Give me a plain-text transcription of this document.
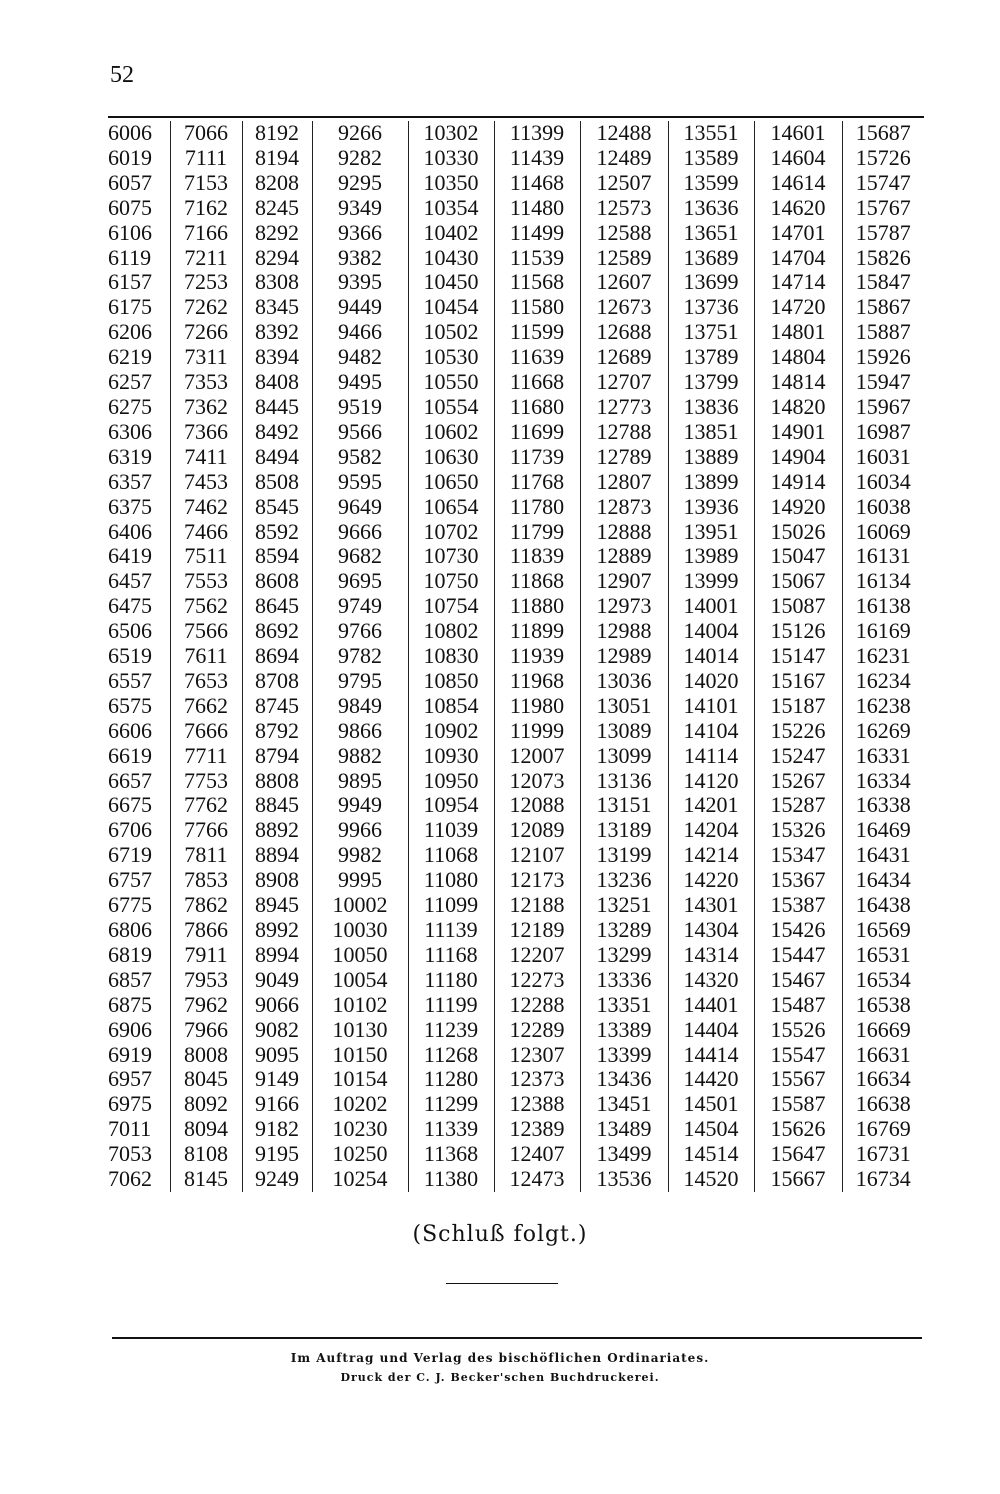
52
6006	7066	8192	9266	10302	11399	12488	13551	14601	15687
6019	7111	8194	9282	10330	11439	12489	13589	14604	15726
6057	7153	8208	9295	10350	11468	12507	13599	14614	15747
6075	7162	8245	9349	10354	11480	12573	13636	14620	15767
6106	7166	8292	9366	10402	11499	12588	13651	14701	15787
6119	7211	8294	9382	10430	11539	12589	13689	14704	15826
6157	7253	8308	9395	10450	11568	12607	13699	14714	15847
6175	7262	8345	9449	10454	11580	12673	13736	14720	15867
6206	7266	8392	9466	10502	11599	12688	13751	14801	15887
6219	7311	8394	9482	10530	11639	12689	13789	14804	15926
6257	7353	8408	9495	10550	11668	12707	13799	14814	15947
6275	7362	8445	9519	10554	11680	12773	13836	14820	15967
6306	7366	8492	9566	10602	11699	12788	13851	14901	16987
6319	7411	8494	9582	10630	11739	12789	13889	14904	16031
6357	7453	8508	9595	10650	11768	12807	13899	14914	16034
6375	7462	8545	9649	10654	11780	12873	13936	14920	16038
6406	7466	8592	9666	10702	11799	12888	13951	15026	16069
6419	7511	8594	9682	10730	11839	12889	13989	15047	16131
6457	7553	8608	9695	10750	11868	12907	13999	15067	16134
6475	7562	8645	9749	10754	11880	12973	14001	15087	16138
6506	7566	8692	9766	10802	11899	12988	14004	15126	16169
6519	7611	8694	9782	10830	11939	12989	14014	15147	16231
6557	7653	8708	9795	10850	11968	13036	14020	15167	16234
6575	7662	8745	9849	10854	11980	13051	14101	15187	16238
6606	7666	8792	9866	10902	11999	13089	14104	15226	16269
6619	7711	8794	9882	10930	12007	13099	14114	15247	16331
6657	7753	8808	9895	10950	12073	13136	14120	15267	16334
6675	7762	8845	9949	10954	12088	13151	14201	15287	16338
6706	7766	8892	9966	11039	12089	13189	14204	15326	16469
6719	7811	8894	9982	11068	12107	13199	14214	15347	16431
6757	7853	8908	9995	11080	12173	13236	14220	15367	16434
6775	7862	8945	10002	11099	12188	13251	14301	15387	16438
6806	7866	8992	10030	11139	12189	13289	14304	15426	16569
6819	7911	8994	10050	11168	12207	13299	14314	15447	16531
6857	7953	9049	10054	11180	12273	13336	14320	15467	16534
6875	7962	9066	10102	11199	12288	13351	14401	15487	16538
6906	7966	9082	10130	11239	12289	13389	14404	15526	16669
6919	8008	9095	10150	11268	12307	13399	14414	15547	16631
6957	8045	9149	10154	11280	12373	13436	14420	15567	16634
6975	8092	9166	10202	11299	12388	13451	14501	15587	16638
7011	8094	9182	10230	11339	12389	13489	14504	15626	16769
7053	8108	9195	10250	11368	12407	13499	14514	15647	16731
7062	8145	9249	10254	11380	12473	13536	14520	15667	16734
(Schluß folgt.)
Im Auftrag und Verlag des bischöflichen Ordinariates.
Druck der C. J. Becker'schen Buchdruckerei.
